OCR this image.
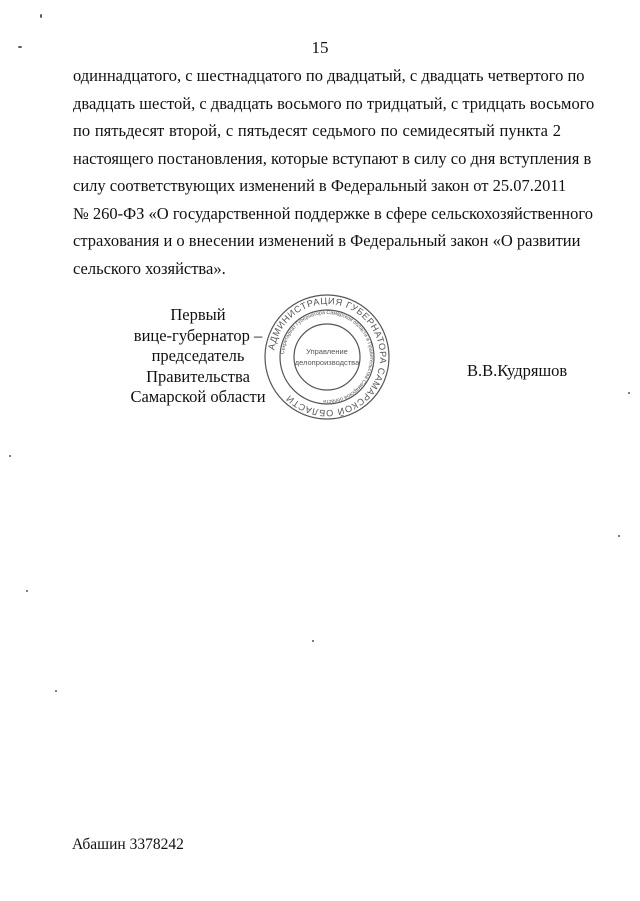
15
одиннадцатого, с шестнадцатого по двадцатый, с двадцать четвертого по
двадцать шестой, с двадцать восьмого по тридцатый, с тридцать восьмого
по пятьдесят второй, с пятьдесят седьмого по семидесятый пункта 2
настоящего постановления, которые вступают в силу со дня вступления в
силу соответствующих изменений в Федеральный закон от 25.07.2011
№ 260-ФЗ «О государственной поддержке в сфере сельскохозяйственного
страхования и о внесении изменений в Федеральный закон «О развитии
сельского хозяйства».
Первый
вице-губернатор –
председатель Правительства
Самарской области
АДМИНИСТРАЦИЯ ГУБЕРНАТОРА САМАРСКОЙ ОБЛАСТИ
Секретариат Губернатора Самарской области и Правительства Самарской области
Управление
делопроизводства	В.В.Кудряшов
Абашин 3378242
